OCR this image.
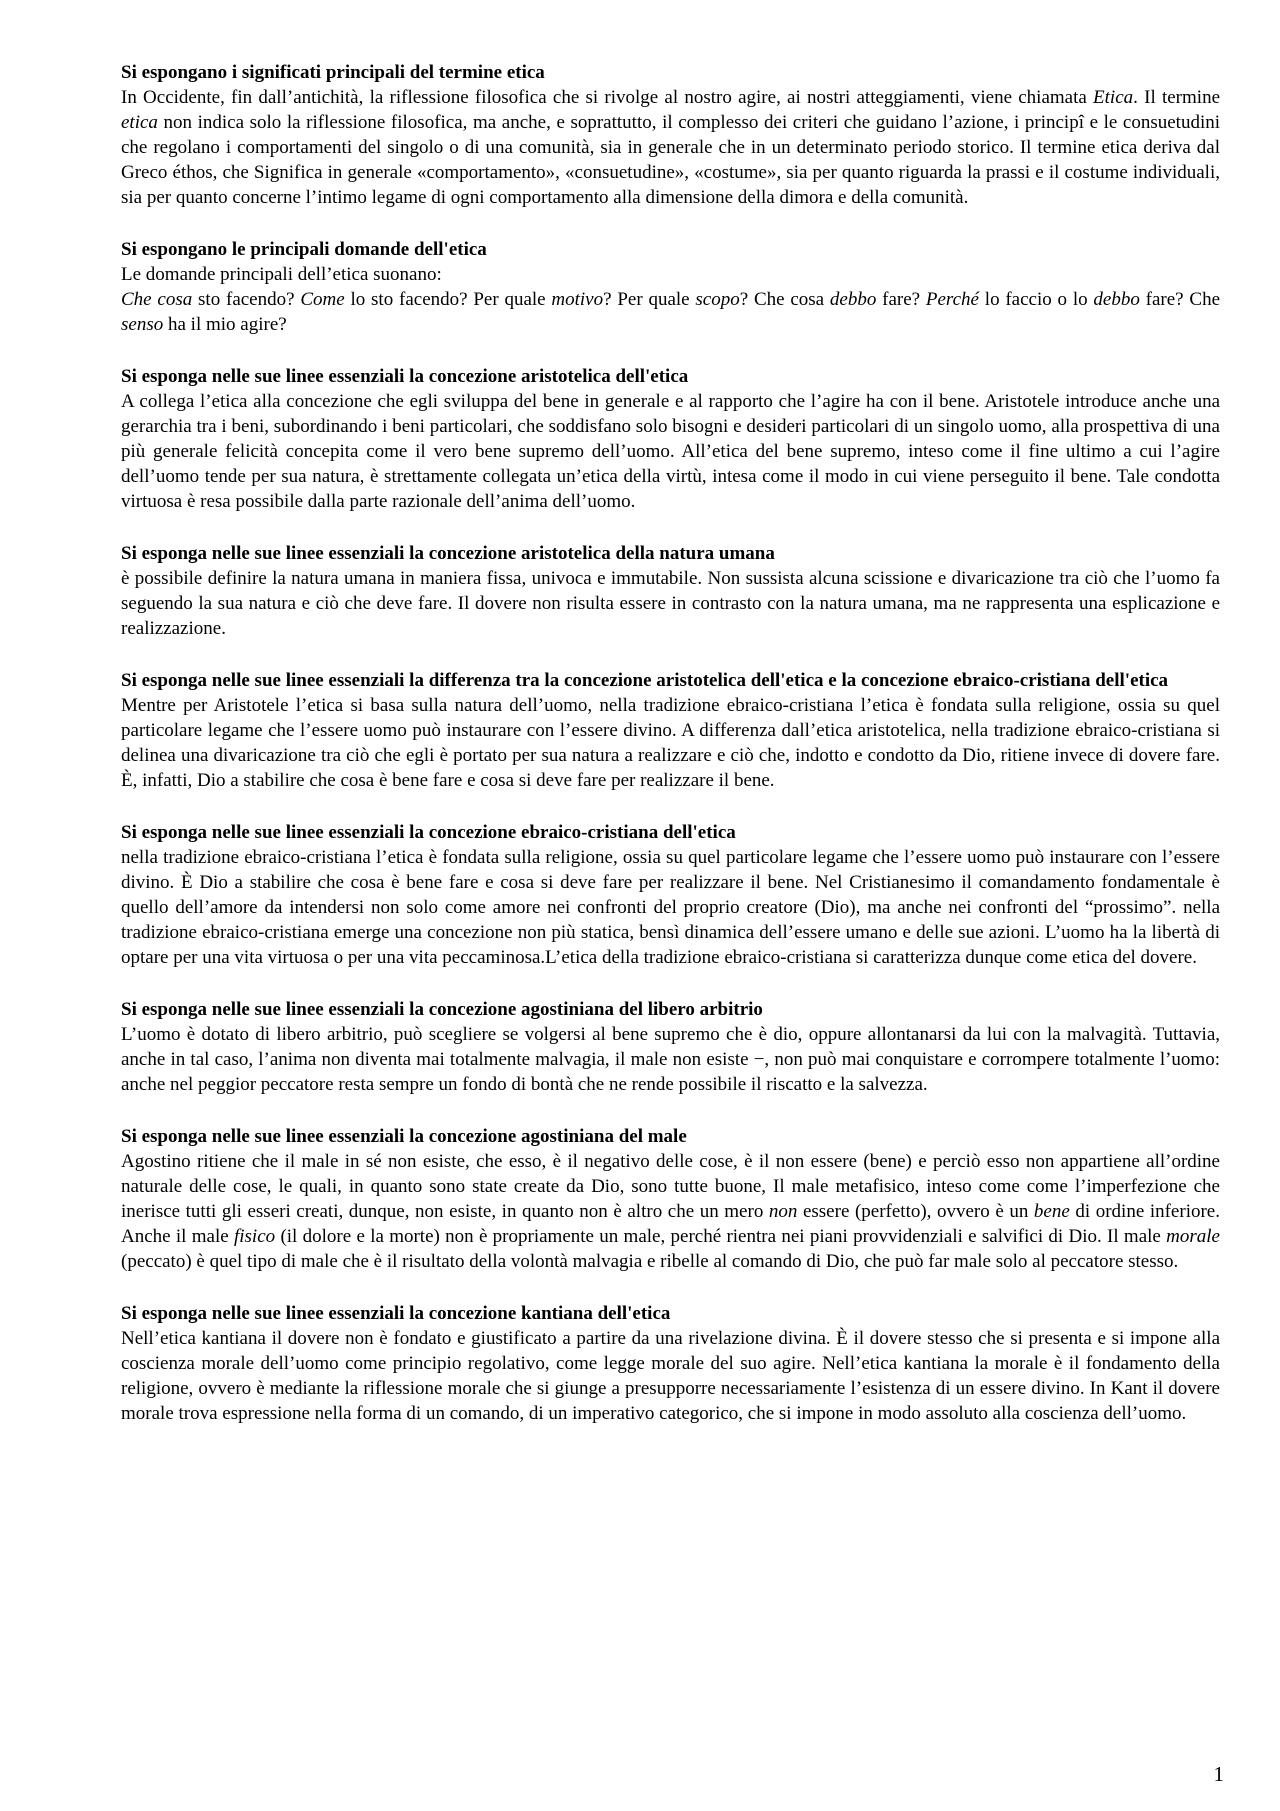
Si espongano i significati principali del termine etica

In Occidente, fin dall’antichità, la riflessione filosofica che si rivolge al nostro agire, ai nostri atteggiamenti, viene chiamata Etica. Il termine etica non indica solo la riflessione filosofica, ma anche, e soprattutto, il complesso dei criteri che guidano l’azione, i principî e le consuetudini che regolano i comportamenti del singolo o di una comunità, sia in generale che in un determinato periodo storico. Il termine etica deriva dal Greco éthos, che Significa in generale «comportamento», «consuetudine», «costume», sia per quanto riguarda la prassi e il costume individuali, sia per quanto concerne l’intimo legame di ogni comportamento alla dimensione della dimora e della comunità.

Si espongano le principali domande dell'etica

Le domande principali dell’etica suonano:
Che cosa sto facendo? Come lo sto facendo? Per quale motivo? Per quale scopo? Che cosa debbo fare? Perché lo faccio o lo debbo fare? Che senso ha il mio agire?

Si esponga nelle sue linee essenziali la concezione aristotelica dell'etica

A collega l’etica alla concezione che egli sviluppa del bene in generale e al rapporto che l’agire ha con il bene. Aristotele introduce anche una gerarchia tra i beni, subordinando i beni particolari, che soddisfano solo bisogni e desideri particolari di un singolo uomo, alla prospettiva di una più generale felicità concepita come il vero bene supremo dell’uomo. All’etica del bene supremo, inteso come il fine ultimo a cui l’agire dell’uomo tende per sua natura, è strettamente collegata un’etica della virtù, intesa come il modo in cui viene perseguito il bene. Tale condotta virtuosa è resa possibile dalla parte razionale dell’anima dell’uomo.

Si esponga nelle sue linee essenziali la concezione aristotelica della natura umana

è possibile definire la natura umana in maniera fissa, univoca e immutabile. Non sussista alcuna scissione e divaricazione tra ciò che l’uomo fa seguendo la sua natura e ciò che deve fare. Il dovere non risulta essere in contrasto con la natura umana, ma ne rappresenta una esplicazione e realizzazione.

Si esponga nelle sue linee essenziali la differenza tra la concezione aristotelica dell'etica e la concezione ebraico-cristiana dell'etica

Mentre per Aristotele l’etica si basa sulla natura dell’uomo, nella tradizione ebraico-cristiana l’etica è fondata sulla religione, ossia su quel particolare legame che l’essere uomo può instaurare con l’essere divino. A differenza dall’etica aristotelica, nella tradizione ebraico-cristiana si delinea una divaricazione tra ciò che egli è portato per sua natura a realizzare e ciò che, indotto e condotto da Dio, ritiene invece di dovere fare. È, infatti, Dio a stabilire che cosa è bene fare e cosa si deve fare per realizzare il bene.

Si esponga nelle sue linee essenziali la concezione ebraico-cristiana dell'etica

nella tradizione ebraico-cristiana l’etica è fondata sulla religione, ossia su quel particolare legame che l’essere uomo può instaurare con l’essere divino. È Dio a stabilire che cosa è bene fare e cosa si deve fare per realizzare il bene. Nel Cristianesimo il comandamento fondamentale è quello dell’amore da intendersi non solo come amore nei confronti del proprio creatore (Dio), ma anche nei confronti del “prossimo”. nella tradizione ebraico-cristiana emerge una concezione non più statica, bensì dinamica dell’essere umano e delle sue azioni. L’uomo ha la libertà di optare per una vita virtuosa o per una vita peccaminosa.L’etica della tradizione ebraico-cristiana si caratterizza dunque come etica del dovere.

Si esponga nelle sue linee essenziali la concezione agostiniana del libero arbitrio

L’uomo è dotato di libero arbitrio, può scegliere se volgersi al bene supremo che è dio, oppure allontanarsi da lui con la malvagità. Tuttavia, anche in tal caso, l’anima non diventa mai totalmente malvagia, il male non esiste −, non può mai conquistare e corrompere totalmente l’uomo: anche nel peggior peccatore resta sempre un fondo di bontà che ne rende possibile il riscatto e la salvezza.

Si esponga nelle sue linee essenziali la concezione agostiniana del male

Agostino ritiene che il male in sé non esiste, che esso, è il negativo delle cose, è il non essere (bene) e perciò esso non appartiene all’ordine naturale delle cose, le quali, in quanto sono state create da Dio, sono tutte buone, Il male metafisico, inteso come come l’imperfezione che inerisce tutti gli esseri creati, dunque, non esiste, in quanto non è altro che un mero non essere (perfetto), ovvero è un bene di ordine inferiore. Anche il male fisico (il dolore e la morte) non è propriamente un male, perché rientra nei piani provvidenziali e salvifici di Dio. Il male morale (peccato) è quel tipo di male che è il risultato della volontà malvagia e ribelle al comando di Dio, che può far male solo al peccatore stesso.

Si esponga nelle sue linee essenziali la concezione kantiana dell'etica

Nell’etica kantiana il dovere non è fondato e giustificato a partire da una rivelazione divina. È il dovere stesso che si presenta e si impone alla coscienza morale dell’uomo come principio regolativo, come legge morale del suo agire. Nell’etica kantiana la morale è il fondamento della religione, ovvero è mediante la riflessione morale che si giunge a presupporre necessariamente l’esistenza di un essere divino. In Kant il dovere morale trova espressione nella forma di un comando, di un imperativo categorico, che si impone in modo assoluto alla coscienza dell’uomo.

1
